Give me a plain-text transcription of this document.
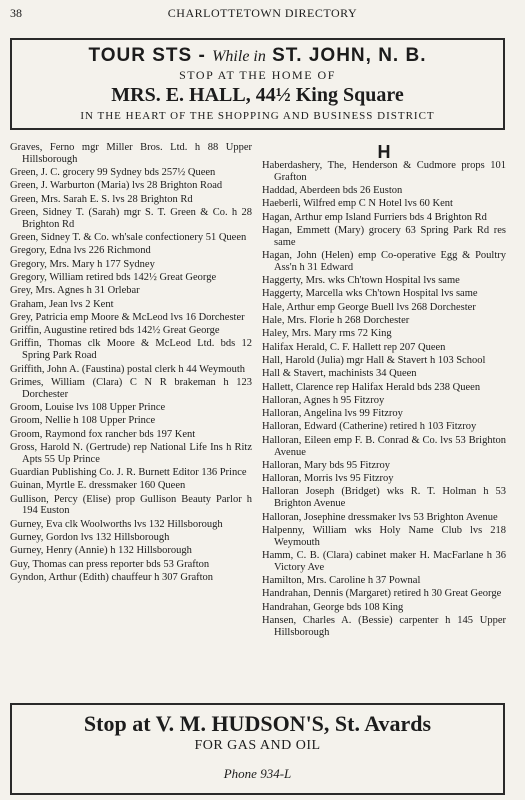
38	CHARLOTTETOWN DIRECTORY
TOUR STS - While in ST. JOHN, N. B.
STOP AT THE HOME OF
MRS. E. HALL, 44½ King Square
IN THE HEART OF THE SHOPPING AND BUSINESS DISTRICT

Graves, Ferno mgr Miller Bros. Ltd. h 88 Upper Hillsborough

Green, J. C. grocery 99 Sydney bds 257½ Queen

Green, J. Warburton (Maria) lvs 28 Brighton Road

Green, Mrs. Sarah E. S. lvs 28 Brighton Rd

Green, Sidney T. (Sarah) mgr S. T. Green & Co. h 28 Brighton Rd

Green, Sidney T. & Co. wh'sale confectionery 51 Queen

Gregory, Edna lvs 226 Richmond

Gregory, Mrs. Mary h 177 Sydney

Gregory, William retired bds 142½ Great George

Grey, Mrs. Agnes h 31 Orlebar

Graham, Jean lvs 2 Kent

Grey, Patricia emp Moore & McLeod lvs 16 Dorchester

Griffin, Augustine retired bds 142½ Great George

Griffin, Thomas clk Moore & McLeod Ltd. bds 12 Spring Park Road

Griffith, John A. (Faustina) postal clerk h 44 Weymouth

Grimes, William (Clara) C N R brakeman h 123 Dorchester

Groom, Louise lvs 108 Upper Prince

Groom, Nellie h 108 Upper Prince

Groom, Raymond fox rancher bds 197 Kent

Gross, Harold N. (Gertrude) rep National Life Ins h Ritz Apts 55 Up Prince

Guardian Publishing Co. J. R. Burnett Editor 136 Prince

Guinan, Myrtle E. dressmaker 160 Queen

Gullison, Percy (Elise) prop Gullison Beauty Parlor h 194 Euston

Gurney, Eva clk Woolworths lvs 132 Hillsborough

Gurney, Gordon lvs 132 Hillsborough

Gurney, Henry (Annie) h 132 Hillsborough

Guy, Thomas can press reporter bds 53 Grafton

Gyndon, Arthur (Edith) chauffeur h 307 Grafton

H

Haberdashery, The, Henderson & Cudmore props 101 Grafton

Haddad, Aberdeen bds 26 Euston

Haeberli, Wilfred emp C N Hotel lvs 60 Kent

Hagan, Arthur emp Island Furriers bds 4 Brighton Rd

Hagan, Emmett (Mary) grocery 63 Spring Park Rd res same

Hagan, John (Helen) emp Co-operative Egg & Poultry Ass'n h 31 Edward

Haggerty, Mrs. wks Ch'town Hospital lvs same

Haggerty, Marcella wks Ch'town Hospital lvs same

Hale, Arthur emp George Buell lvs 268 Dorchester

Hale, Mrs. Florie h 268 Dorchester

Haley, Mrs. Mary rms 72 King

Halifax Herald, C. F. Hallett rep 207 Queen

Hall, Harold (Julia) mgr Hall & Stavert h 103 School

Hall & Stavert, machinists 34 Queen

Hallett, Clarence rep Halifax Herald bds 238 Queen

Halloran, Agnes h 95 Fitzroy

Halloran, Angelina lvs 99 Fitzroy

Halloran, Edward (Catherine) retired h 103 Fitzroy

Halloran, Eileen emp F. B. Conrad & Co. lvs 53 Brighton Avenue

Halloran, Mary bds 95 Fitzroy

Halloran, Morris lvs 95 Fitzroy

Halloran Joseph (Bridget) wks R. T. Holman h 53 Brighton Avenue

Halloran, Josephine dressmaker lvs 53 Brighton Avenue

Halpenny, William wks Holy Name Club lvs 218 Weymouth

Hamm, C. B. (Clara) cabinet maker H. MacFarlane h 36 Victory Ave

Hamilton, Mrs. Caroline h 37 Pownal

Handrahan, Dennis (Margaret) retired h 30 Great George

Handrahan, George bds 108 King

Hansen, Charles A. (Bessie) carpenter h 145 Upper Hillsborough

Stop at V. M. HUDSON'S, St. Avards
FOR GAS AND OIL
Phone 934-L
